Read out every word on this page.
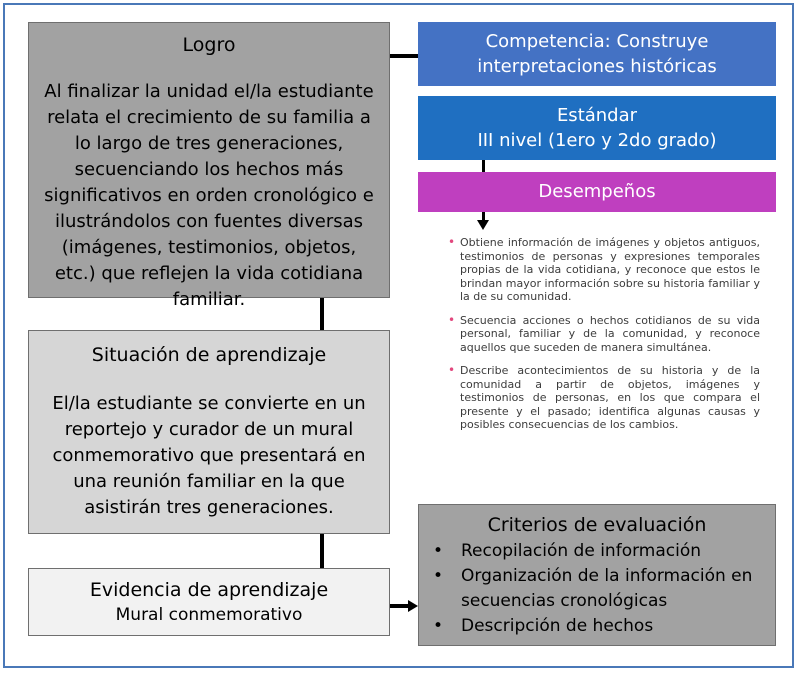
Logro
Al finalizar la unidad el/la estudiante relata el crecimiento de su familia a lo largo de tres generaciones, secuenciando los hechos más significativos en orden cronológico e ilustrándolos con fuentes diversas (imágenes, testimonios, objetos, etc.) que reflejen la vida cotidiana familiar.
Situación de aprendizaje
El/la estudiante se convierte en un reportejo y curador de un mural conmemorativo que presentará en una reunión familiar en la que asistirán tres generaciones.
Evidencia de aprendizaje
Mural conmemorativo
Competencia: Construye
interpretaciones históricas
Estándar
III nivel (1ero y 2do grado)
Desempeños
• Obtiene información de imágenes y objetos antiguos, testimonios de personas y expresiones temporales propias de la vida cotidiana, y reconoce que estos le brindan mayor información sobre su historia familiar y la de su comunidad.
• Secuencia acciones o hechos cotidianos de su vida personal, familiar y de la comunidad, y reconoce aquellos que suceden de manera simultánea.
• Describe acontecimientos de su historia y de la comunidad a partir de objetos, imágenes y testimonios de personas, en los que compara el presente y el pasado; identifica algunas causas y posibles consecuencias de los cambios.
Criterios de evaluación
• Recopilación de información
• Organización de la información en secuencias cronológicas
• Descripción de hechos
